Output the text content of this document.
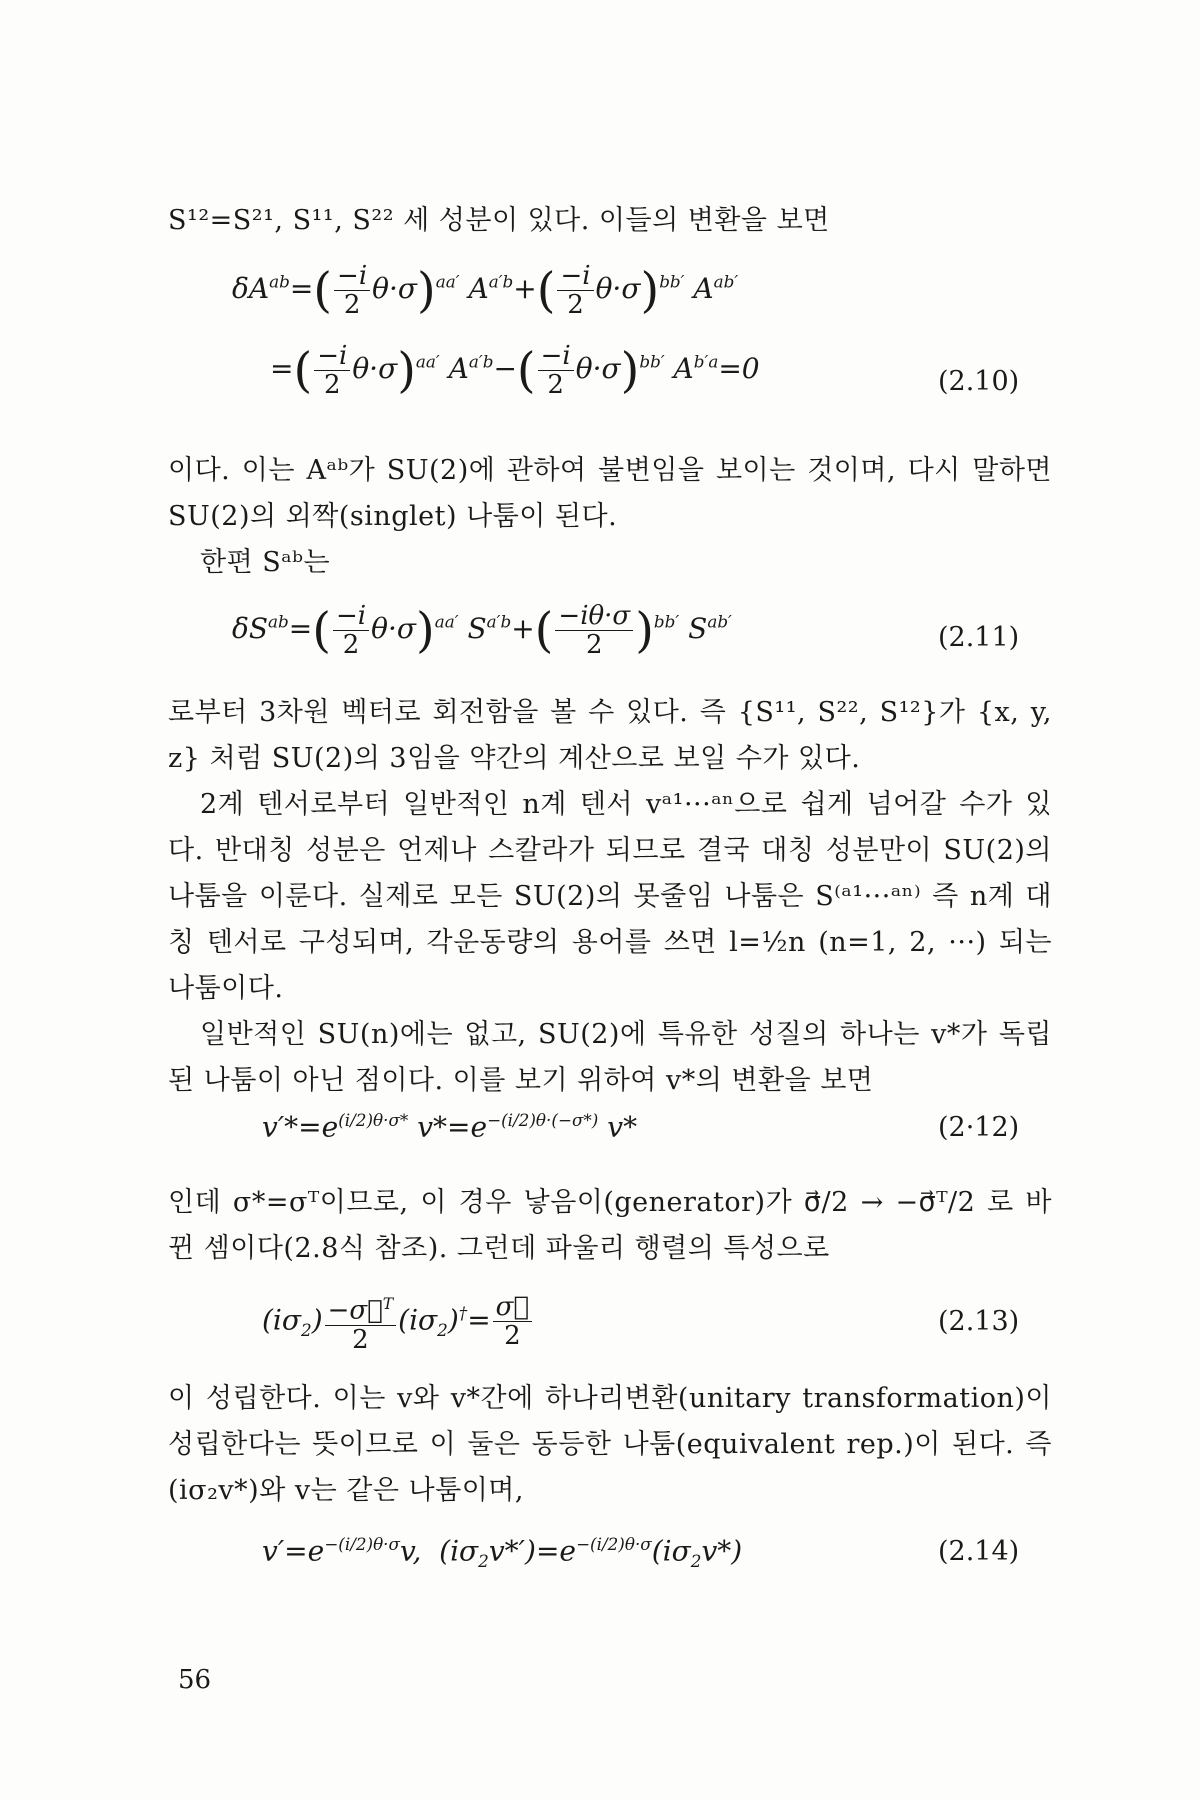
S¹²=S²¹, S¹¹, S²² 세 성분이 있다. 이들의 변환을 보면
$\delta A^{ab}=( \frac{-i}{2} \theta\cdot\sigma)^{aa'}$ $A^{a'b}+( \frac{-i}{2} \theta\cdot\sigma)^{bb'}$ $A^{ab'}$
=( $\frac{-i}{2} \theta\cdot\sigma)^{aa'}$ $A^{a'b}-( \frac{-i}{2} \theta\cdot\sigma)^{bb'}$ $A^{b'a}=0$	(2.10)
이다. 이는 Aᵃᵇ가 SU(2)에 관하여 불변임을 보이는 것이며, 다시 말하면 SU(2)의 외짝(singlet) 나툼이 된다.
한편 Sᵃᵇ는
$\delta S^{ab}=( \frac{-i}{2} \theta\cdot\sigma)^{aa'}$ $S^{a'b}+( \frac{-i\theta\cdot\sigma}{2} )^{bb'}$ $S^{ab'}$
(2.11)
로부터 3차원 벡터로 회전함을 볼 수 있다. 즉 {S¹¹, S²², S¹²}가 {x, y, z} 처럼 SU(2)의 3임을 약간의 계산으로 보일 수가 있다.
2계 텐서로부터 일반적인 n계 텐서 vᵃ¹···ᵃⁿ으로 쉽게 넘어갈 수가 있다. 반대칭 성분은 언제나 스칼라가 되므로 결국 대칭 성분만이 SU(2)의 나툼을 이룬다. 실제로 모든 SU(2)의 못줄임 나툼은 S⁽ᵃ¹···ᵃⁿ⁾ 즉 n계 대칭 텐서로 구성되며, 각운동량의 용어를 쓰면 l=½n (n=1, 2, ···) 되는 나툼이다.
일반적인 SU(n)에는 없고, SU(2)에 특유한 성질의 하나는 v*가 독립된 나툼이 아닌 점이다. 이를 보기 위하여 v*의 변환을 보면
$v'*=e^{(i/2)\theta\cdot\sigma*}$ $v*=e^{-(i/2)\theta\cdot(-\sigma*)}$ v*	(2·12)
인데 σ*=σᵀ이므로, 이 경우 낳음이(generator)가 σ⃗/2 → −σ⃗ᵀ/2 로 바뀐 셈이다(2.8식 참조). 그런데 파울리 행렬의 특성으로
$(i\sigma_2) \frac{-\sigma⃗^T}{2} (i\sigma_2)^\dagger= \frac{\sigma⃗}{2}$	(2.13)
이 성립한다. 이는 v와 v*간에 하나리변환(unitary transformation)이 성립한다는 뜻이므로 이 둘은 동등한 나툼(equivalent rep.)이 된다. 즉 (iσ₂v*)와 v는 같은 나툼이며,
$v'=e^{-(i/2)\theta\cdot\sigma}v$,  $(i\sigma_2v*')=e^{-(i/2)\theta\cdot\sigma}(i\sigma_2v*)$	(2.14)
56
